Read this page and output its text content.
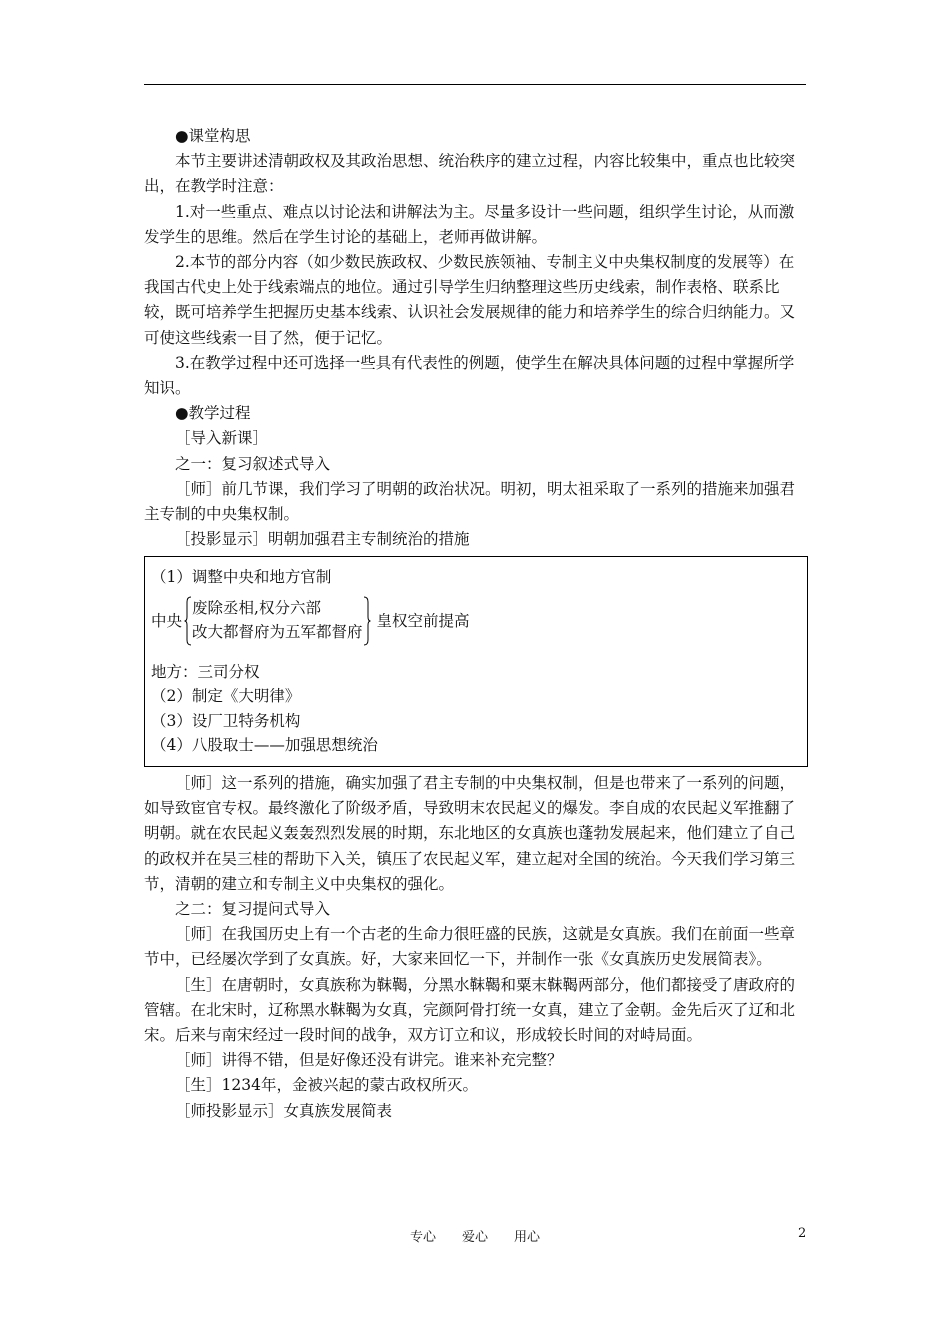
●课堂构思

本节主要讲述清朝政权及其政治思想、统治秩序的建立过程，内容比较集中，重点也比较突出，在教学时注意：

1.对一些重点、难点以讨论法和讲解法为主。尽量多设计一些问题，组织学生讨论，从而激发学生的思维。然后在学生讨论的基础上，老师再做讲解。

2.本节的部分内容（如少数民族政权、少数民族领袖、专制主义中央集权制度的发展等）在我国古代史上处于线索端点的地位。通过引导学生归纳整理这些历史线索，制作表格、联系比较，既可培养学生把握历史基本线索、认识社会发展规律的能力和培养学生的综合归纳能力。又可使这些线索一目了然，便于记忆。

3.在教学过程中还可选择一些具有代表性的例题，使学生在解决具体问题的过程中掌握所学知识。

●教学过程

［导入新课］

之一：复习叙述式导入

［师］前几节课，我们学习了明朝的政治状况。明初，明太祖采取了一系列的措施来加强君主专制的中央集权制。

［投影显示］明朝加强君主专制统治的措施

（1）调整中央和地方官制
中央
废除丞相,权分六部
改大都督府为五军都督府
皇权空前提高
地方：三司分权
（2）制定《大明律》
（3）设厂卫特务机构
（4）八股取士——加强思想统治

［师］这一系列的措施，确实加强了君主专制的中央集权制，但是也带来了一系列的问题，如导致宦官专权。最终激化了阶级矛盾，导致明末农民起义的爆发。李自成的农民起义军推翻了明朝。就在农民起义轰轰烈烈发展的时期，东北地区的女真族也蓬勃发展起来，他们建立了自己的政权并在吴三桂的帮助下入关，镇压了农民起义军，建立起对全国的统治。今天我们学习第三节，清朝的建立和专制主义中央集权的强化。

之二：复习提问式导入

［师］在我国历史上有一个古老的生命力很旺盛的民族，这就是女真族。我们在前面一些章节中，已经屡次学到了女真族。好，大家来回忆一下，并制作一张《女真族历史发展简表》。

［生］在唐朝时，女真族称为靺鞨，分黑水靺鞨和粟末靺鞨两部分，他们都接受了唐政府的管辖。在北宋时，辽称黑水靺鞨为女真，完颜阿骨打统一女真，建立了金朝。金先后灭了辽和北宋。后来与南宋经过一段时间的战争，双方订立和议，形成较长时间的对峙局面。

［师］讲得不错，但是好像还没有讲完。谁来补充完整？

［生］1234年，金被兴起的蒙古政权所灭。

［师投影显示］女真族发展简表

专心　　爱心　　用心	2
